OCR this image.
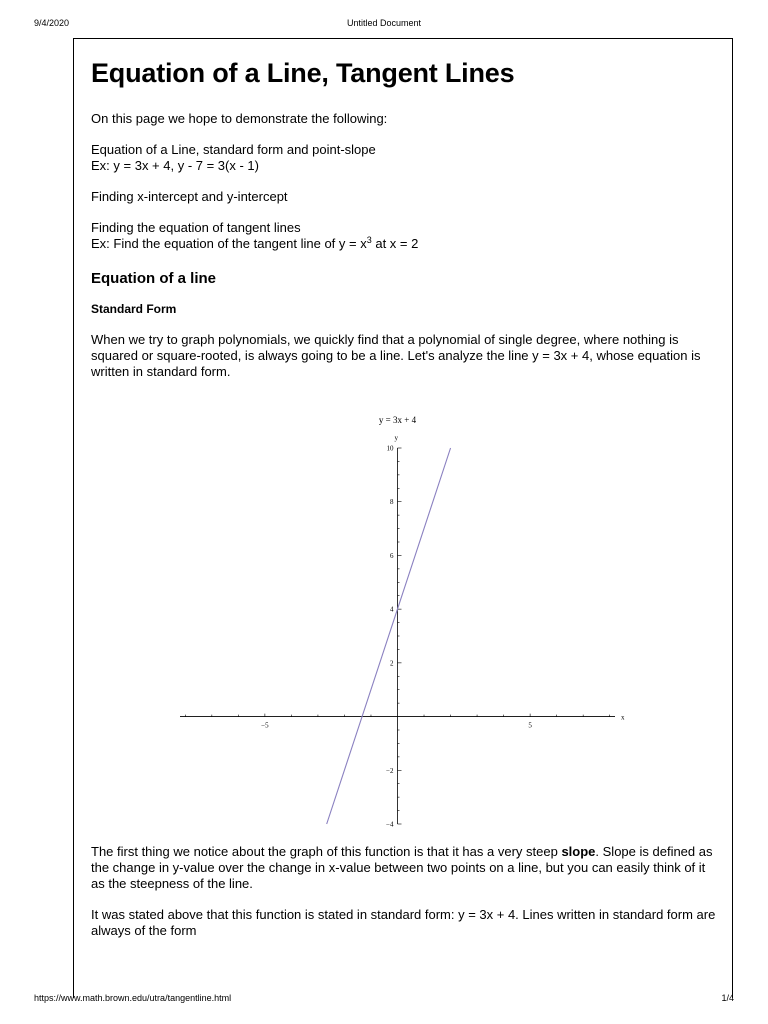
9/4/2020	Untitled Document
Equation of a Line, Tangent Lines

On this page we hope to demonstrate the following:

Equation of a Line, standard form and point-slope

Ex: y = 3x + 4, y - 7 = 3(x - 1)

Finding x-intercept and y-intercept

Finding the equation of tangent lines

Ex: Find the equation of the tangent line of $y = x^3$ at x = 2

Equation of a line
Standard Form

When we try to graph polynomials, we quickly find that a polynomial of single degree, where nothing is squared or square-rooted, is always going to be a line. Let's analyze the line y = 3x + 4, whose equation is written in standard form.

y = 3x + 4
x
y
−5	5
−4
−2
2
4
6
8
10

The first thing we notice about the graph of this function is that it has a very steep slope. Slope is defined as the change in y-value over the change in x-value between two points on a line, but you can easily think of it as the steepness of the line.

It was stated above that this function is stated in standard form: y = 3x + 4. Lines written in standard form are always of the form

https://www.math.brown.edu/utra/tangentline.html	1/4
